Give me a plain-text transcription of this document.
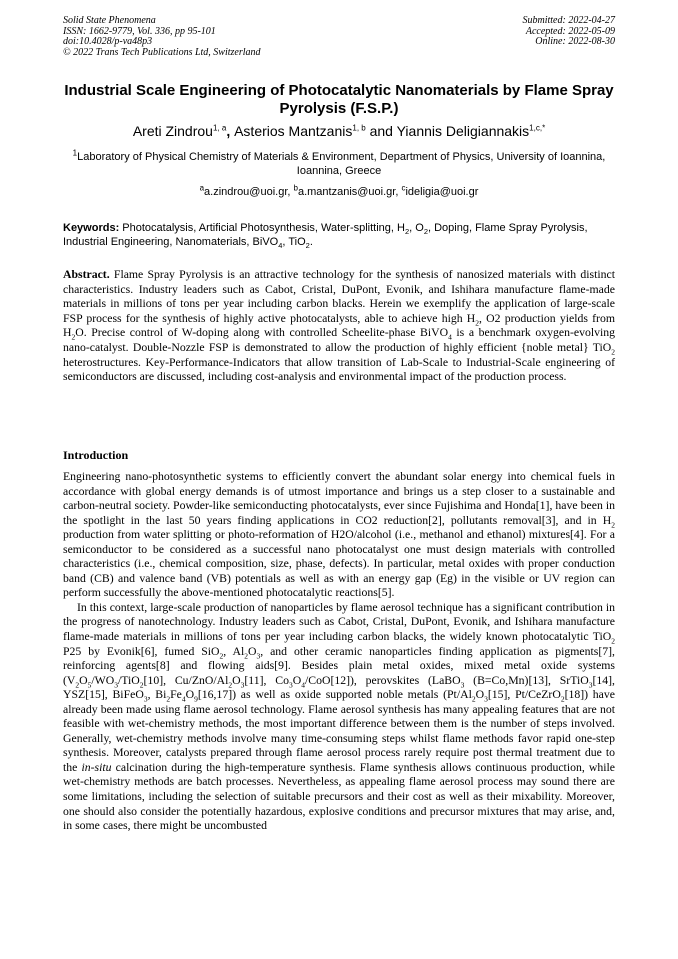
Solid State Phenomena
ISSN: 1662-9779, Vol. 336, pp 95-101
doi:10.4028/p-va48p3
© 2022 Trans Tech Publications Ltd, Switzerland
Submitted: 2022-04-27
Accepted: 2022-05-09
Online: 2022-08-30
Industrial Scale Engineering of Photocatalytic Nanomaterials by Flame Spray Pyrolysis (F.S.P.)
Areti Zindrou$^{1, a}$, Asterios Mantzanis$^{1, b}$ and Yiannis Deligiannakis$^{1,c,*}$
$^1$Laboratory of Physical Chemistry of Materials & Environment, Department of Physics, University of Ioannina, Ioannina, Greece
$^a$a.zindrou@uoi.gr, $^b$a.mantzanis@uoi.gr, $^c$ideligia@uoi.gr
Keywords: Photocatalysis, Artificial Photosynthesis, Water-splitting, $H_2$, $O_2$, Doping, Flame Spray Pyrolysis, Industrial Engineering, Nanomaterials, BiVO$_4$, TiO$_2$.
Abstract. Flame Spray Pyrolysis is an attractive technology for the synthesis of nanosized materials with distinct characteristics. Industry leaders such as Cabot, Cristal, DuPont, Evonik, and Ishihara manufacture flame-made materials in millions of tons per year including carbon blacks. Herein we exemplify the application of large-scale FSP process for the synthesis of highly active photocatalysts, able to achieve high $H_2$, O2 production yields from $H_2O$. Precise control of W-doping along with controlled Scheelite-phase BiVO$_4$ is a benchmark oxygen-evolving nano-catalyst. Double-Nozzle FSP is demonstrated to allow the production of highly efficient {noble metal} TiO$_2$ heterostructures. Key-Performance-Indicators that allow transition of Lab-Scale to Industrial-Scale engineering of semiconductors are discussed, including cost-analysis and environmental impact of the production process.
Introduction

Engineering nano-photosynthetic systems to efficiently convert the abundant solar energy into chemical fuels in accordance with global energy demands is of utmost importance and brings us a step closer to a sustainable and carbon-neutral society. Powder-like semiconducting photocatalysts, ever since Fujishima and Honda[1], have been in the spotlight in the last 50 years finding applications in CO2 reduction[2], pollutants removal[3], and in $H_2$ production from water splitting or photo-reformation of H2O/alcohol (i.e., methanol and ethanol) mixtures[4]. For a semiconductor to be considered as a successful nano photocatalyst one must design materials with controlled characteristics (i.e., chemical composition, size, phase, defects). In particular, metal oxides with proper conduction band (CB) and valence band (VB) potentials as well as with an energy gap (Eg) in the visible or UV region can perform successfully the above-mentioned photocatalytic reactions[5].

In this context, large-scale production of nanoparticles by flame aerosol technique has a significant contribution in the progress of nanotechnology. Industry leaders such as Cabot, Cristal, DuPont, Evonik, and Ishihara manufacture flame-made materials in millions of tons per year including carbon blacks, the widely known photocatalytic TiO$_2$ P25 by Evonik[6], fumed SiO$_2$, $Al_2O_3$, and other ceramic nanoparticles finding application as pigments[7], reinforcing agents[8] and flowing aids[9]. Besides plain metal oxides, mixed metal oxide systems ($V_2O_5/WO_3/TiO_2[10]$, $Cu/ZnO/Al_2O_3[11]$, $Co_3O_4/CoO[12]$), perovskites (LaBO$_3$ (B=Co,Mn)[13], SrTiO$_3$[14], YSZ[15], BiFeO$_3$, $Bi_2Fe_4O_9[16,17]$) as well as oxide supported noble metals ($Pt/Al_2O_3[15]$, Pt/CeZrO$_2$[18]) have already been made using flame aerosol technology. Flame aerosol synthesis has many appealing features that are not feasible with wet-chemistry methods, the most important difference between them is the number of steps involved. Generally, wet-chemistry methods involve many time-consuming steps whilst flame methods favor rapid one-step synthesis. Moreover, catalysts prepared through flame aerosol process rarely require post thermal treatment due to the in-situ calcination during the high-temperature synthesis. Flame synthesis allows continuous production, while wet-chemistry methods are batch processes. Nevertheless, as appealing flame aerosol process may sound there are some limitations, including the selection of suitable precursors and their cost as well as their mixability. Moreover, one should also consider the potentially hazardous, explosive conditions and precursor mixtures that may arise, and, in some cases, there might be uncombusted
